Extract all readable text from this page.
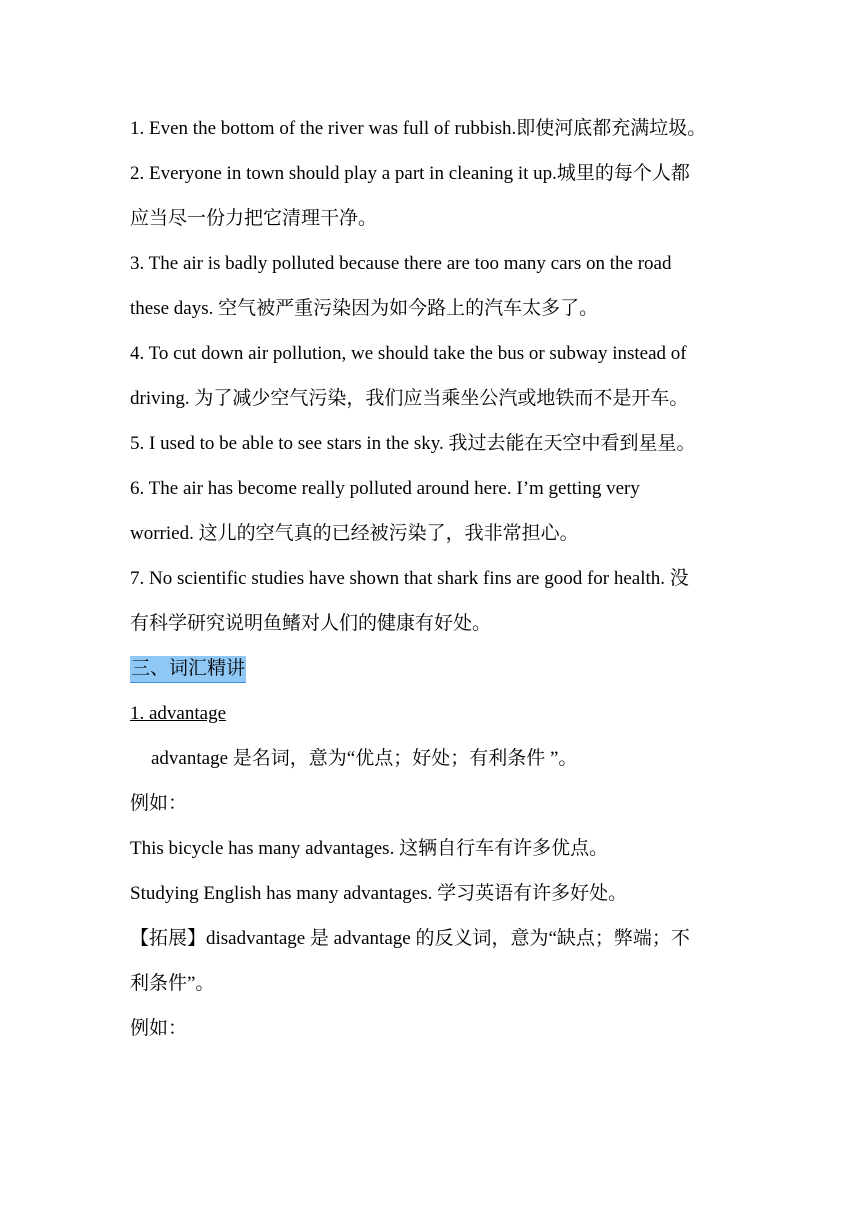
1. Even the bottom of the river was full of rubbish.即使河底都充满垃圾。
2. Everyone in town should play a part in cleaning it up.城里的每个人都
应当尽一份力把它清理干净。
3. The air is badly polluted because there are too many cars on the road
these days. 空气被严重污染因为如今路上的汽车太多了。
4. To cut down air pollution, we should take the bus or subway instead of
driving. 为了减少空气污染，我们应当乘坐公汽或地铁而不是开车。
5. I used to be able to see stars in the sky. 我过去能在天空中看到星星。
6. The air has become really polluted around here. I’m getting very
worried. 这儿的空气真的已经被污染了，我非常担心。
7. No scientific studies have shown that shark fins are good for health. 没
有科学研究说明鱼鳍对人们的健康有好处。
三、词汇精讲
1. advantage
advantage 是名词，意为“优点；好处；有利条件 ”。
例如：
This bicycle has many advantages. 这辆自行车有许多优点。
Studying English has many advantages. 学习英语有许多好处。
【拓展】disadvantage 是 advantage 的反义词，意为“缺点；弊端；不
利条件”。
例如：
